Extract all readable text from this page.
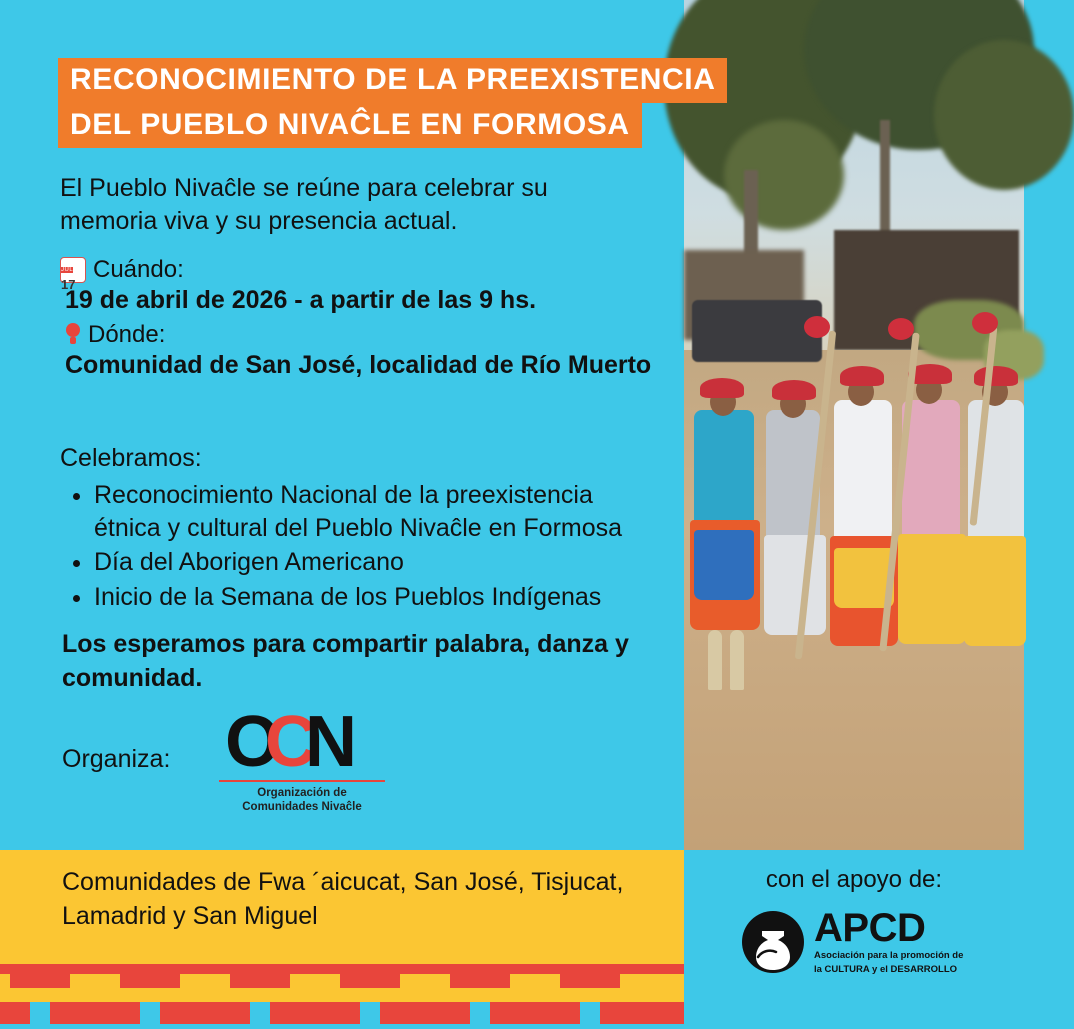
RECONOCIMIENTO DE LA PREEXISTENCIA
DEL PUEBLO NIVAĈLE EN FORMOSA
El Pueblo Nivaĉle se reúne para celebrar su memoria viva y su presencia actual.
JUL 17
Cuándo:
19 de abril de 2026 - a partir de las 9 hs.
Dónde:
Comunidad de San José, localidad de Río Muerto
Celebramos:
• Reconocimiento Nacional de la preexistencia étnica y cultural del Pueblo Nivaĉle en Formosa
• Día del Aborigen Americano
• Inicio de la Semana de los Pueblos Indígenas
Los esperamos para compartir palabra, danza y comunidad.
Organiza: OCN
Organización de
Comunidades Nivaĉle
Comunidades de Fwa ´aicucat, San José, Tisjucat, Lamadrid y San Miguel
con el apoyo de:
APCD
Asociación para la promoción de
la CULTURA y el DESARROLLO
